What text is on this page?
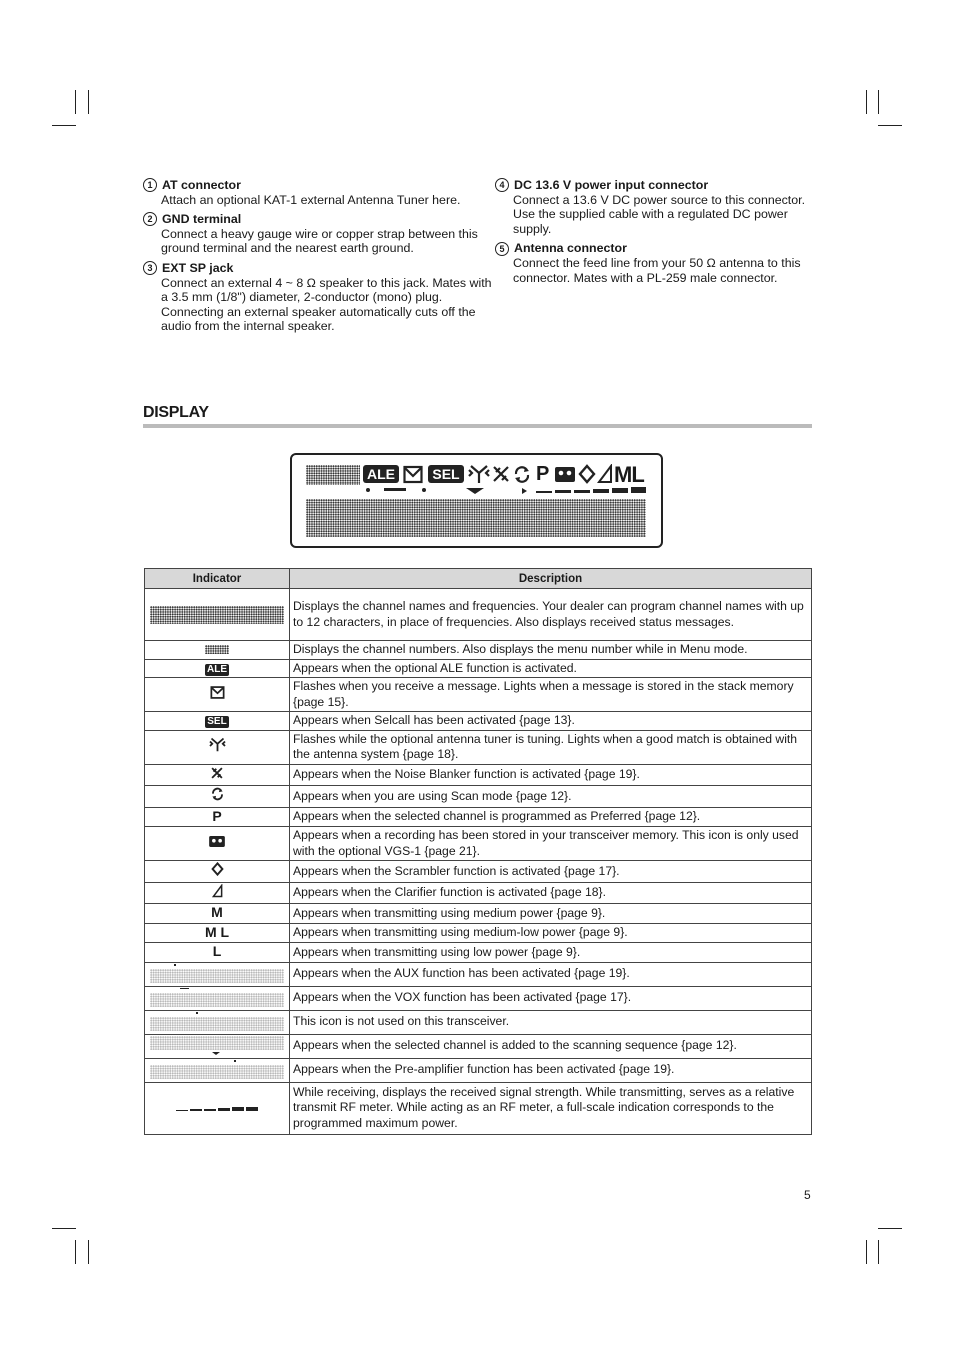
1 AT connector
Attach an optional KAT-1 external Antenna Tuner here.
2 GND terminal
Connect a heavy gauge wire or copper strap between this ground terminal and the nearest earth ground.
3 EXT SP jack
Connect an external 4 ~ 8 Ω speaker to this jack. Mates with a 3.5 mm (1/8") diameter, 2-conductor (mono) plug. Connecting an external speaker automatically cuts off the audio from the internal speaker.
4 DC 13.6 V power input connector
Connect a 13.6 V DC power source to this connector. Use the supplied cable with a regulated DC power supply.
5 Antenna connector
Connect the feed line from your 50 Ω antenna to this connector. Mates with a PL-259 male connector.
DISPLAY
ALE	SEL	P	ML
Indicator	Description

	Displays the channel names and frequencies. Your dealer can program channel names with up to 12 characters, in place of frequencies. Also displays received status messages.

	Displays the channel numbers. Also displays the menu number while in Menu mode.
ALE	Appears when the optional ALE function is activated.
	Flashes when you receive a message. Lights when a message is stored in the stack memory {page 15}.
SEL	Appears when Selcall has been activated {page 13}.
	Flashes while the optional antenna tuner is tuning. Lights when a good match is obtained with the antenna system {page 18}.
	Appears when the Noise Blanker function is activated {page 19}.
	Appears when you are using Scan mode {page 12}.
P	Appears when the selected channel is programmed as Preferred {page 12}.
	Appears when a recording has been stored in your transceiver memory. This icon is only used with the optional VGS-1 {page 21}.
	Appears when the Scrambler function is activated {page 17}.
	Appears when the Clarifier function is activated {page 18}.
M	Appears when transmitting using medium power {page 9}.
M L	Appears when transmitting using medium-low power {page 9}.
L	Appears when transmitting using low power {page 9}.

	Appears when the AUX function has been activated {page 19}.

	Appears when the VOX function has been activated {page 17}.

	This icon is not used on this transceiver.

	Appears when the selected channel is added to the scanning sequence {page 12}.

	Appears when the Pre-amplifier function has been activated {page 19}.

	While receiving, displays the received signal strength. While transmitting, serves as a relative transmit RF meter. While acting as an RF meter, a full-scale indication corresponds to the programmed maximum power.
5
